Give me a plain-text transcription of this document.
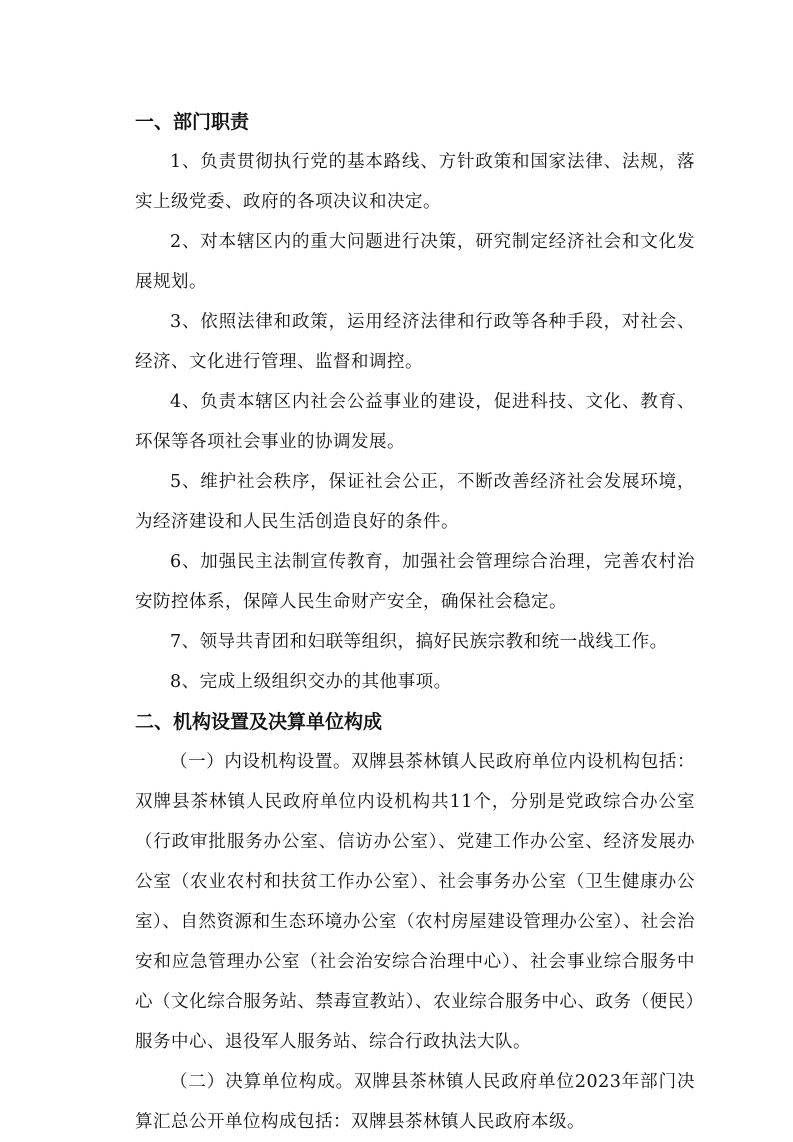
一、部门职责

1、负责贯彻执行党的基本路线、方针政策和国家法律、法规，落实上级党委、政府的各项决议和决定。

2、对本辖区内的重大问题进行决策，研究制定经济社会和文化发展规划。

3、依照法律和政策，运用经济法律和行政等各种手段，对社会、经济、文化进行管理、监督和调控。

4、负责本辖区内社会公益事业的建设，促进科技、文化、教育、环保等各项社会事业的协调发展。

5、维护社会秩序，保证社会公正，不断改善经济社会发展环境，为经济建设和人民生活创造良好的条件。

6、加强民主法制宣传教育，加强社会管理综合治理，完善农村治安防控体系，保障人民生命财产安全，确保社会稳定。

7、领导共青团和妇联等组织，搞好民族宗教和统一战线工作。

8、完成上级组织交办的其他事项。

二、机构设置及决算单位构成

（一）内设机构设置。双牌县茶林镇人民政府单位内设机构包括：双牌县茶林镇人民政府单位内设机构共11个，分别是党政综合办公室（行政审批服务办公室、信访办公室）、党建工作办公室、经济发展办公室（农业农村和扶贫工作办公室）、社会事务办公室（卫生健康办公室）、自然资源和生态环境办公室（农村房屋建设管理办公室）、社会治安和应急管理办公室（社会治安综合治理中心）、社会事业综合服务中心（文化综合服务站、禁毒宣教站）、农业综合服务中心、政务（便民）服务中心、退役军人服务站、综合行政执法大队。

（二）决算单位构成。双牌县茶林镇人民政府单位2023年部门决算汇总公开单位构成包括：双牌县茶林镇人民政府本级。
